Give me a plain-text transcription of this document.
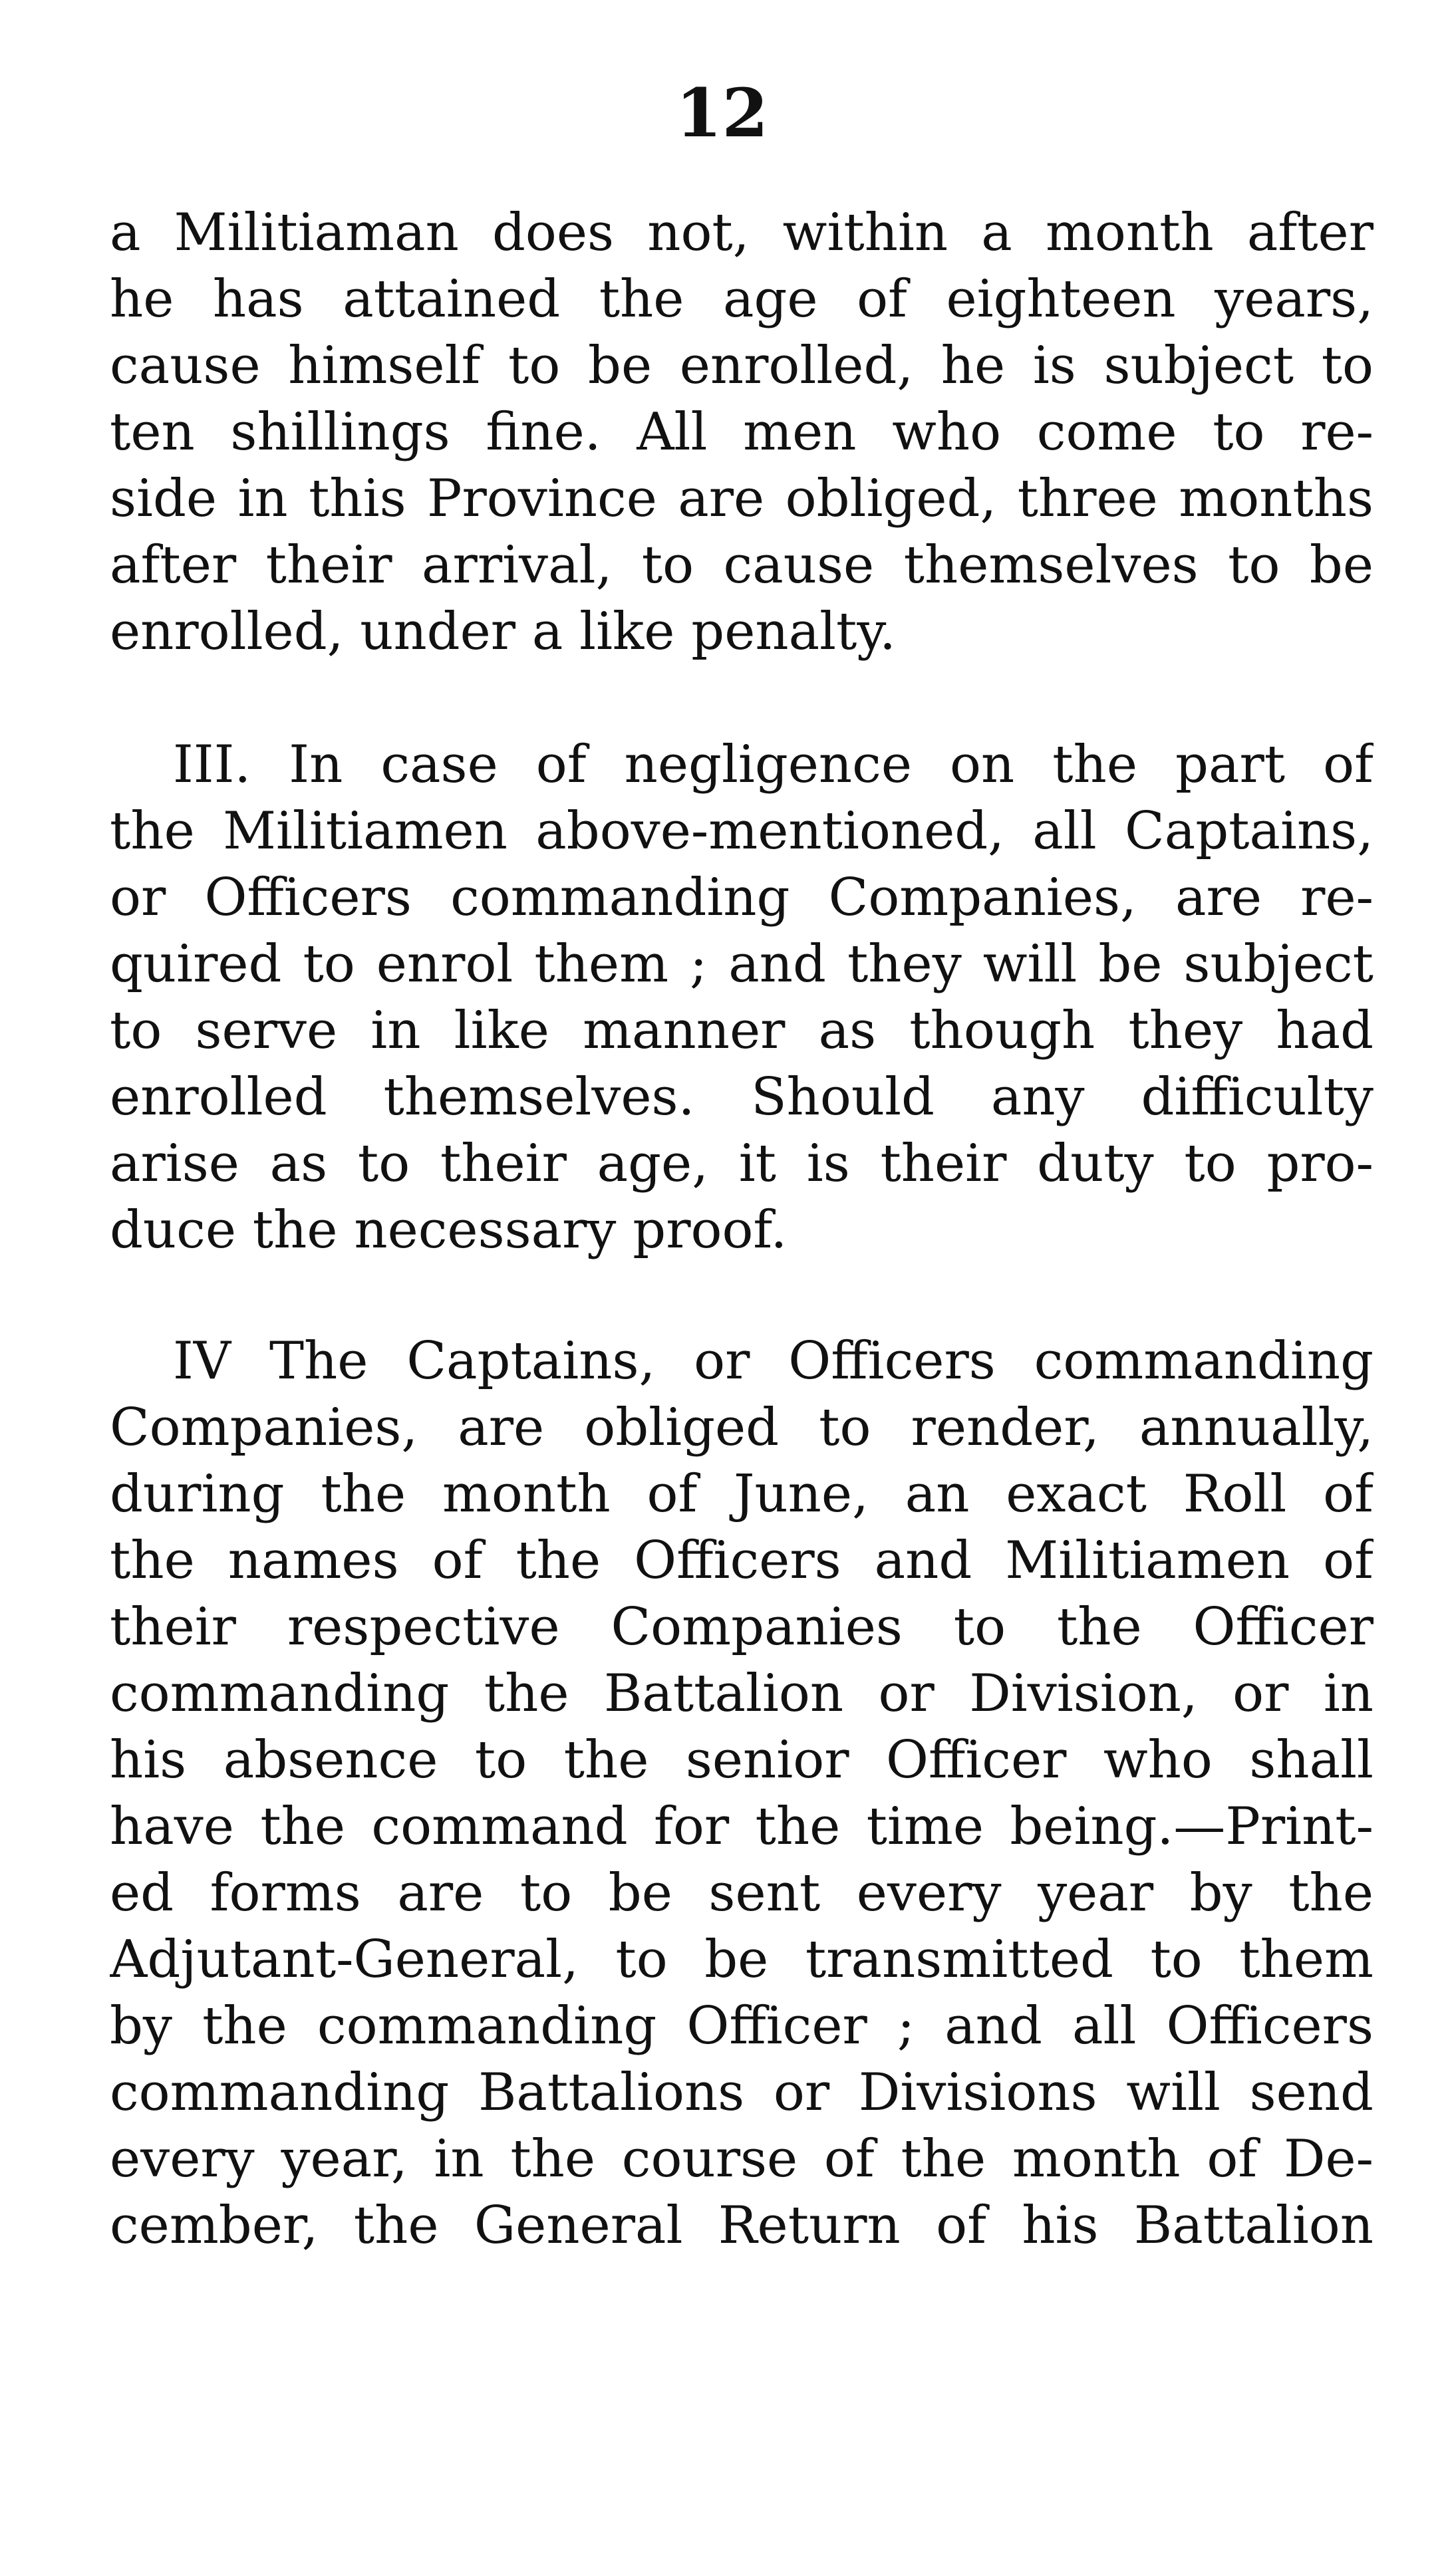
12
a Militiaman does not, within a month after
he has attained the age of eighteen years,
cause himself to be enrolled, he is subject to
ten shillings fine. All men who come to re-
side in this Province are obliged, three months
after their arrival, to cause themselves to be
enrolled, under a like penalty.
III. In case of negligence on the part of
the Militiamen above-mentioned, all Captains,
or Officers commanding Companies, are re-
quired to enrol them ; and they will be subject
to serve in like manner as though they had
enrolled themselves. Should any difficulty
arise as to their age, it is their duty to pro-
duce the necessary proof.
IV The Captains, or Officers commanding
Companies, are obliged to render, annually,
during the month of June, an exact Roll of
the names of the Officers and Militiamen of
their respective Companies to the Officer
commanding the Battalion or Division, or in
his absence to the senior Officer who shall
have the command for the time being.—Print-
ed forms are to be sent every year by the
Adjutant-General, to be transmitted to them
by the commanding Officer ; and all Officers
commanding Battalions or Divisions will send
every year, in the course of the month of De-
cember, the General Return of his Battalion
